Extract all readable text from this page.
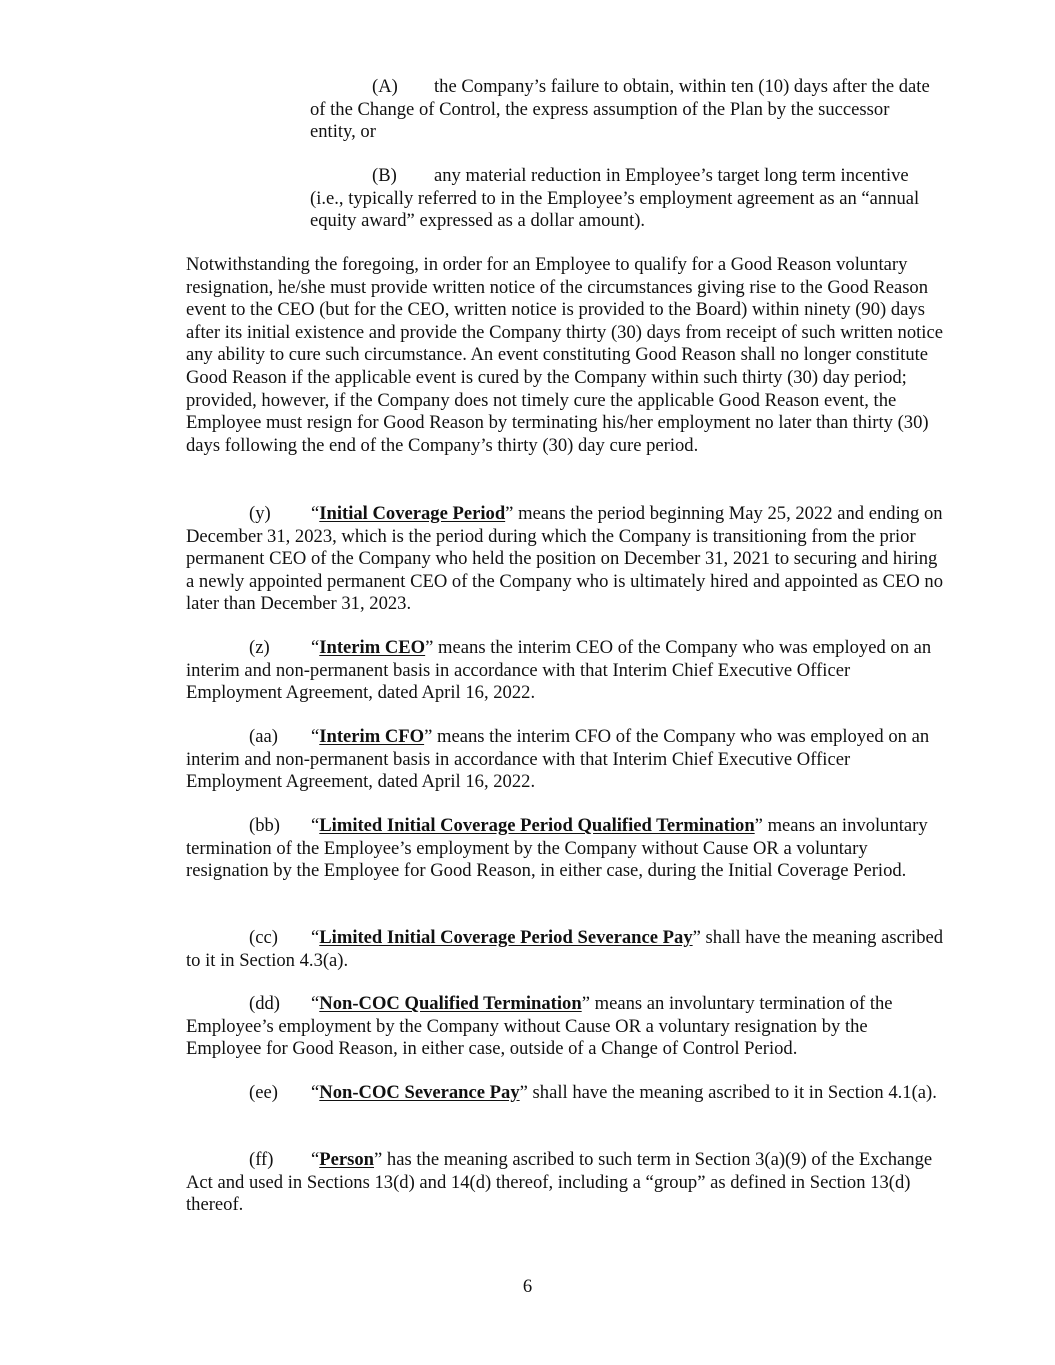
(A) the Company’s failure to obtain, within ten (10) days after the date of the Change of Control, the express assumption of the Plan by the successor entity, or

(B) any material reduction in Employee’s target long term incentive (i.e., typically referred to in the Employee’s employment agreement as an “annual equity award” expressed as a dollar amount).

Notwithstanding the foregoing, in order for an Employee to qualify for a Good Reason voluntary resignation, he/she must provide written notice of the circumstances giving rise to the Good Reason event to the CEO (but for the CEO, written notice is provided to the Board) within ninety (90) days after its initial existence and provide the Company thirty (30) days from receipt of such written notice any ability to cure such circumstance. An event constituting Good Reason shall no longer constitute Good Reason if the applicable event is cured by the Company within such thirty (30) day period; provided, however, if the Company does not timely cure the applicable Good Reason event, the Employee must resign for Good Reason by terminating his/her employment no later than thirty (30) days following the end of the Company’s thirty (30) day cure period.

(y) “Initial Coverage Period” means the period beginning May 25, 2022 and ending on December 31, 2023, which is the period during which the Company is transitioning from the prior permanent CEO of the Company who held the position on December 31, 2021 to securing and hiring a newly appointed permanent CEO of the Company who is ultimately hired and appointed as CEO no later than December 31, 2023.

(z) “Interim CEO” means the interim CEO of the Company who was employed on an interim and non-permanent basis in accordance with that Interim Chief Executive Officer Employment Agreement, dated April 16, 2022.

(aa) “Interim CFO” means the interim CFO of the Company who was employed on an interim and non-permanent basis in accordance with that Interim Chief Executive Officer Employment Agreement, dated April 16, 2022.

(bb) “Limited Initial Coverage Period Qualified Termination” means an involuntary termination of the Employee’s employment by the Company without Cause OR a voluntary resignation by the Employee for Good Reason, in either case, during the Initial Coverage Period.

(cc) “Limited Initial Coverage Period Severance Pay” shall have the meaning ascribed to it in Section 4.3(a).

(dd) “Non-COC Qualified Termination” means an involuntary termination of the Employee’s employment by the Company without Cause OR a voluntary resignation by the Employee for Good Reason, in either case, outside of a Change of Control Period.

(ee) “Non-COC Severance Pay” shall have the meaning ascribed to it in Section 4.1(a).

(ff) “Person” has the meaning ascribed to such term in Section 3(a)(9) of the Exchange Act and used in Sections 13(d) and 14(d) thereof, including a “group” as defined in Section 13(d) thereof.

6
